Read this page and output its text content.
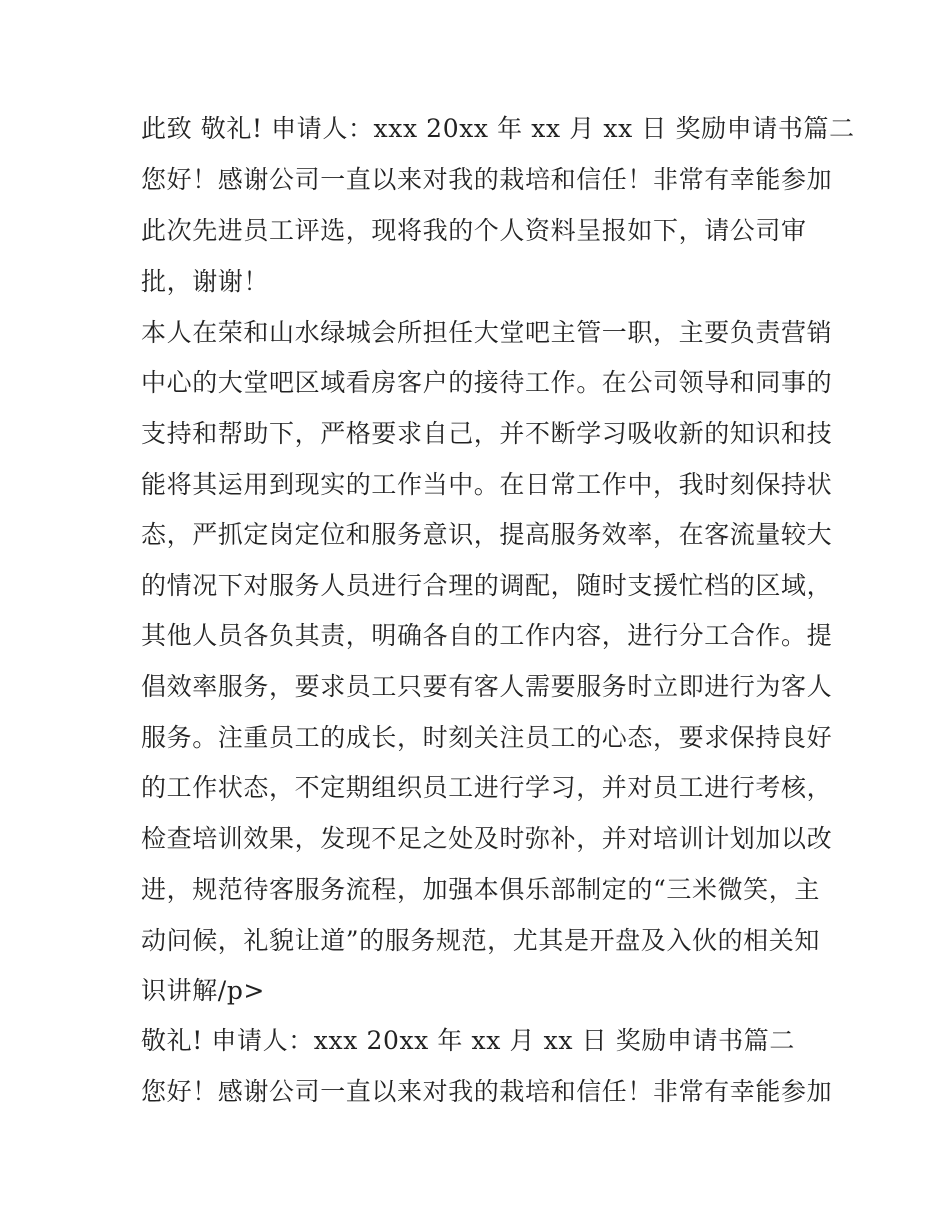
此致 敬礼! 申请人：xxx 20xx 年 xx 月 xx 日 奖励申请书篇二
您好！感谢公司一直以来对我的栽培和信任！非常有幸能参加
此次先进员工评选，现将我的个人资料呈报如下，请公司审
批，谢谢！
本人在荣和山水绿城会所担任大堂吧主管一职，主要负责营销
中心的大堂吧区域看房客户的接待工作。在公司领导和同事的
支持和帮助下，严格要求自己，并不断学习吸收新的知识和技
能将其运用到现实的工作当中。在日常工作中，我时刻保持状
态，严抓定岗定位和服务意识，提高服务效率，在客流量较大
的情况下对服务人员进行合理的调配，随时支援忙档的区域，
其他人员各负其责，明确各自的工作内容，进行分工合作。提
倡效率服务，要求员工只要有客人需要服务时立即进行为客人
服务。注重员工的成长，时刻关注员工的心态，要求保持良好
的工作状态，不定期组织员工进行学习，并对员工进行考核，
检查培训效果，发现不足之处及时弥补，并对培训计划加以改
进，规范待客服务流程，加强本俱乐部制定的“三米微笑，主
动问候，礼貌让道”的服务规范，尤其是开盘及入伙的相关知
识讲解/p>
敬礼! 申请人：xxx 20xx 年 xx 月 xx 日 奖励申请书篇二
您好！感谢公司一直以来对我的栽培和信任！非常有幸能参加
